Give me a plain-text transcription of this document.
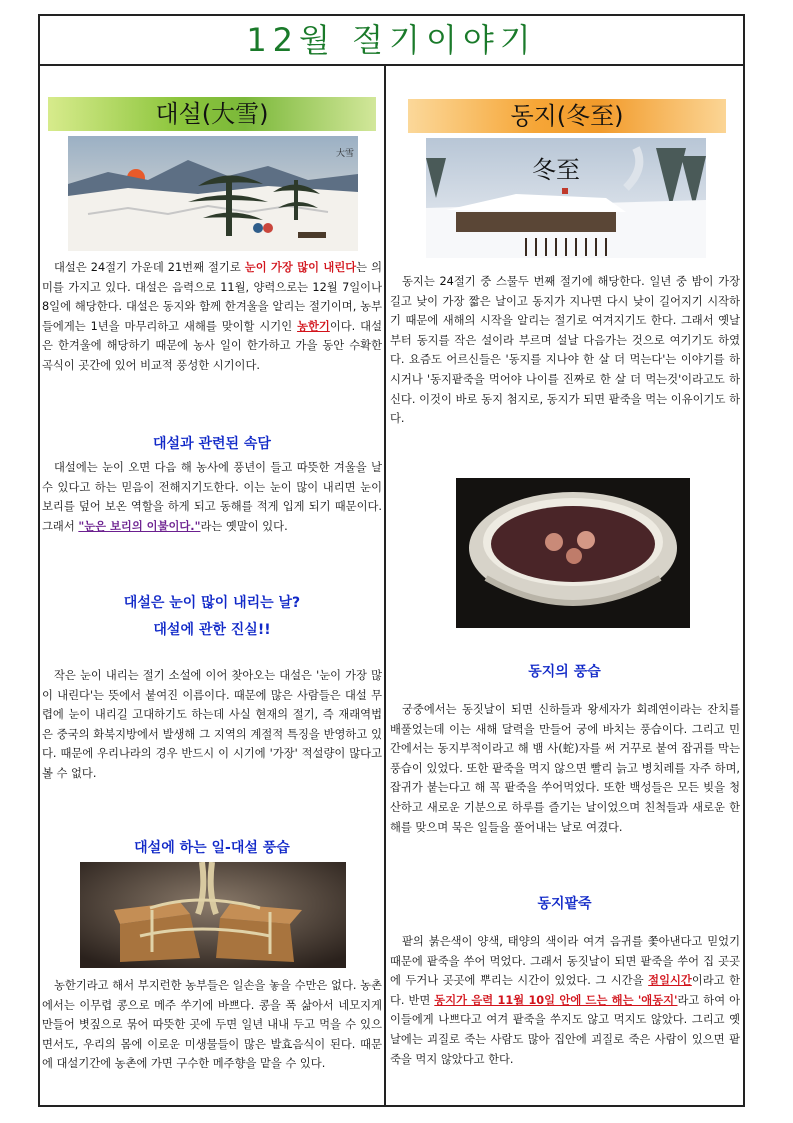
12월 절기이야기
대설(大雪)
大雪

대설은 24절기 가운데 21번째 절기로 눈이 가장 많이 내린다는 의미를 가지고 있다. 대설은 음력으로 11월, 양력으로는 12월 7일이나 8일에 해당한다. 대설은 동지와 함께 한겨울을 알리는 절기이며, 농부들에게는 1년을 마무리하고 새해를 맞이할 시기인 농한기이다. 대설은 한겨울에 해당하기 때문에 농사 일이 한가하고 가을 동안 수확한 곡식이 곳간에 있어 비교적 풍성한 시기이다.

대설과 관련된 속담

대설에는 눈이 오면 다음 해 농사에 풍년이 들고 따뜻한 겨울을 날 수 있다고 하는 믿음이 전해지기도한다. 이는 눈이 많이 내리면 눈이 보리를 덮어 보온 역할을 하게 되고 동해를 적게 입게 되기 때문이다. 그래서 "눈은 보리의 이불이다."라는 옛말이 있다.

대설은 눈이 많이 내리는 날?
대설에 관한 진실!!

작은 눈이 내리는 절기 소설에 이어 찾아오는 대설은 '눈이 가장 많이 내린다'는 뜻에서 붙여진 이름이다. 때문에 많은 사람들은 대설 무렵에 눈이 내리길 고대하기도 하는데 사실 현재의 절기, 즉 재래역법은 중국의 화북지방에서 발생해 그 지역의 계절적 특징을 반영하고 있다. 때문에 우리나라의 경우 반드시 이 시기에 '가장' 적설량이 많다고 볼 수 없다.

대설에 하는 일-대설 풍습

농한기라고 해서 부지런한 농부들은 일손을 놓을 수만은 없다. 농촌에서는 이무렵 콩으로 메주 쑤기에 바쁘다. 콩을 푹 삶아서 네모지게 만들어 볏짚으로 묶어 따뜻한 곳에 두면 일년 내내 두고 먹을 수 있으면서도, 우리의 몸에 이로운 미생물들이 많은 발효음식이 된다. 때문에 대설기간에 농촌에 가면 구수한 메주향을 맡을 수 있다.

동지(冬至)
冬至

동지는 24절기 중 스물두 번째 절기에 해당한다. 일년 중 밤이 가장 길고 낮이 가장 짧은 날이고 동지가 지나면 다시 낮이 길어지기 시작하기 때문에 새해의 시작을 알리는 절기로 여겨지기도 한다. 그래서 옛날부터 동지를 작은 설이라 부르며 설날 다음가는 것으로 여기기도 하였다. 요즘도 어르신들은 '동지를 지나야 한 살 더 먹는다'는 이야기를 하시거나 '동지팥죽을 먹어야 나이를 진짜로 한 살 더 먹는것'이라고도 하신다. 이것이 바로 동지 첨지로, 동지가 되면 팥죽을 먹는 이유이기도 하다.

동지의 풍습

궁중에서는 동짓날이 되면 신하들과 왕세자가 회례연이라는 잔치를 배풀었는데 이는 새해 달력을 만들어 궁에 바치는 풍습이다. 그리고 민간에서는 동지부적이라고 해 뱀 사(蛇)자를 써 거꾸로 붙여 잡귀를 막는 풍습이 있었다. 또한 팥죽을 먹지 않으면 빨리 늙고 병치레를 자주 하며, 잡귀가 붙는다고 해 꼭 팥죽을 쑤어먹었다. 또한 백성들은 모든 빚을 청산하고 새로운 기분으로 하루를 즐기는 날이었으며 친척들과 새로운 한해를 맞으며 묵은 일들을 풀어내는 날로 여겼다.

동지팥죽

팥의 붉은색이 양색, 태양의 색이라 여겨 음귀를 쫓아낸다고 믿었기 때문에 팥죽을 쑤어 먹었다. 그래서 동짓날이 되면 팥죽을 쑤어 집 곳곳에 두거나 곳곳에 뿌리는 시간이 있었다. 그 시간을 절일시간이라고 한다. 반면 동지가 음력 11월 10일 안에 드는 해는 '애동지'라고 하여 아이들에게 나쁘다고 여겨 팥죽을 쑤지도 않고 먹지도 않았다. 그리고 옛날에는 괴질로 죽는 사람도 많아 집안에 괴질로 죽은 사람이 있으면 팥죽을 먹지 않았다고 한다.
